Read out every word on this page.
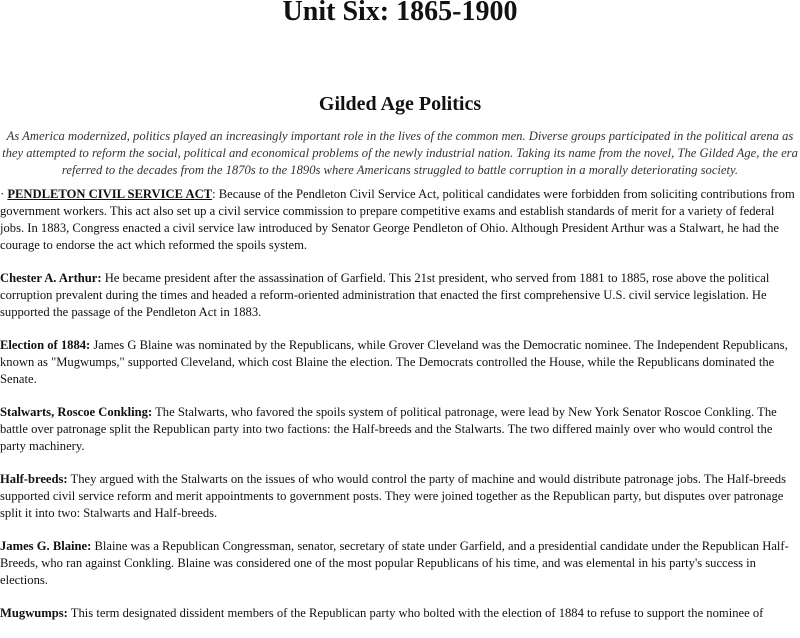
Unit Six: 1865-1900
Gilded Age Politics

As America modernized, politics played an increasingly important role in the lives of the common men. Diverse groups participated in the political arena as they attempted to reform the social, political and economical problems of the newly industrial nation. Taking its name from the novel, The Gilded Age, the era referred to the decades from the 1870s to the 1890s where Americans struggled to battle corruption in a morally deteriorating society.

· PENDLETON CIVIL SERVICE ACT: Because of the Pendleton Civil Service Act, political candidates were forbidden from soliciting contributions from government workers. This act also set up a civil service commission to prepare competitive exams and establish standards of merit for a variety of federal jobs. In 1883, Congress enacted a civil service law introduced by Senator George Pendleton of Ohio. Although President Arthur was a Stalwart, he had the courage to endorse the act which reformed the spoils system.

Chester A. Arthur: He became president after the assassination of Garfield. This 21st president, who served from 1881 to 1885, rose above the political corruption prevalent during the times and headed a reform-oriented administration that enacted the first comprehensive U.S. civil service legislation. He supported the passage of the Pendleton Act in 1883.

Election of 1884: James G Blaine was nominated by the Republicans, while Grover Cleveland was the Democratic nominee. The Independent Republicans, known as "Mugwumps," supported Cleveland, which cost Blaine the election. The Democrats controlled the House, while the Republicans dominated the Senate.

Stalwarts, Roscoe Conkling: The Stalwarts, who favored the spoils system of political patronage, were lead by New York Senator Roscoe Conkling. The battle over patronage split the Republican party into two factions: the Half-breeds and the Stalwarts. The two differed mainly over who would control the party machinery.

Half-breeds: They argued with the Stalwarts on the issues of who would control the party of machine and would distribute patronage jobs. The Half-breeds supported civil service reform and merit appointments to government posts. They were joined together as the Republican party, but disputes over patronage split it into two: Stalwarts and Half-breeds.

James G. Blaine: Blaine was a Republican Congressman, senator, secretary of state under Garfield, and a presidential candidate under the Republican Half-Breeds, who ran against Conkling. Blaine was considered one of the most popular Republicans of his time, and was elemental in his party's success in elections.

Mugwumps: This term designated dissident members of the Republican party who bolted with the election of 1884 to refuse to support the nominee of
